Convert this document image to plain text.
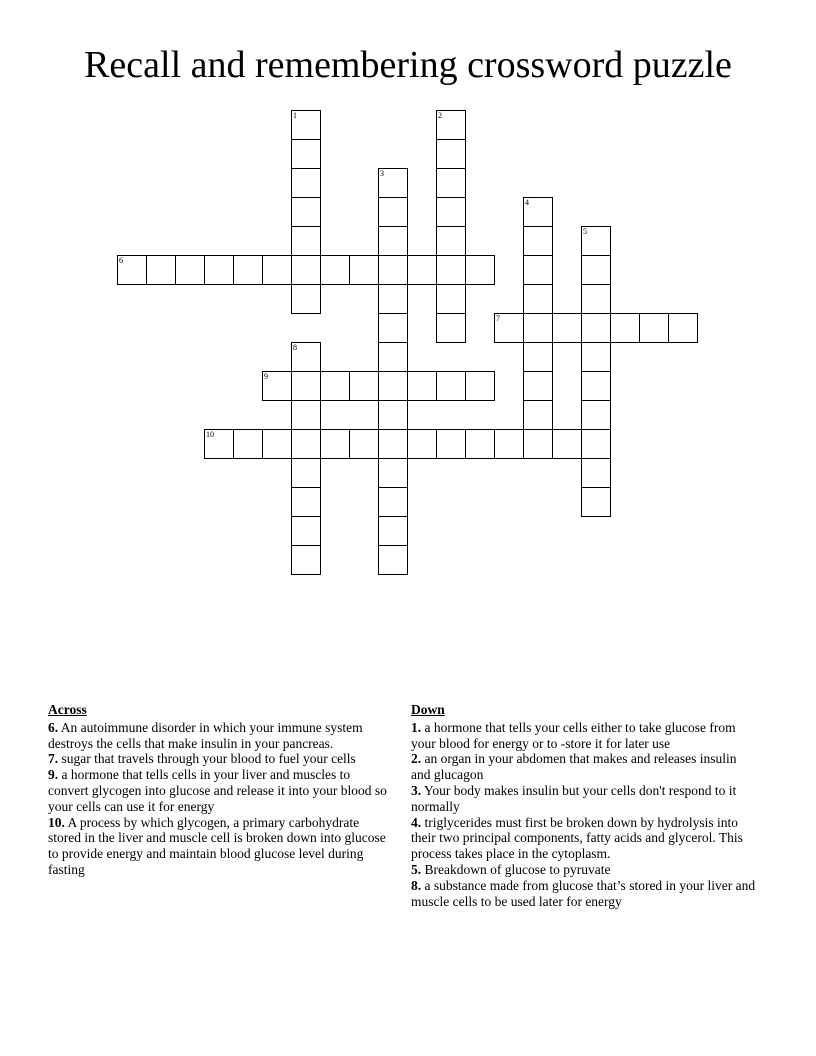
Recall and remembering crossword puzzle
1	2
3
4
5
6
7
8
9
10
Across
6. An autoimmune disorder in which your immune system destroys the cells that make insulin in your pancreas.
7. sugar that travels through your blood to fuel your cells
9. a hormone that tells cells in your liver and muscles to convert glycogen into glucose and release it into your blood so your cells can use it for energy
10. A process by which glycogen, a primary carbohydrate stored in the liver and muscle cell is broken down into glucose to provide energy and maintain blood glucose level during fasting
Down
1. a hormone that tells your cells either to take glucose from your blood for energy or to -store it for later use
2. an organ in your abdomen that makes and releases insulin and glucagon
3. Your body makes insulin but your cells don't respond to it normally
4. triglycerides must first be broken down by hydrolysis into their two principal components, fatty acids and glycerol. This process takes place in the cytoplasm.
5. Breakdown of glucose to pyruvate
8. a substance made from glucose that’s stored in your liver and muscle cells to be used later for energy
